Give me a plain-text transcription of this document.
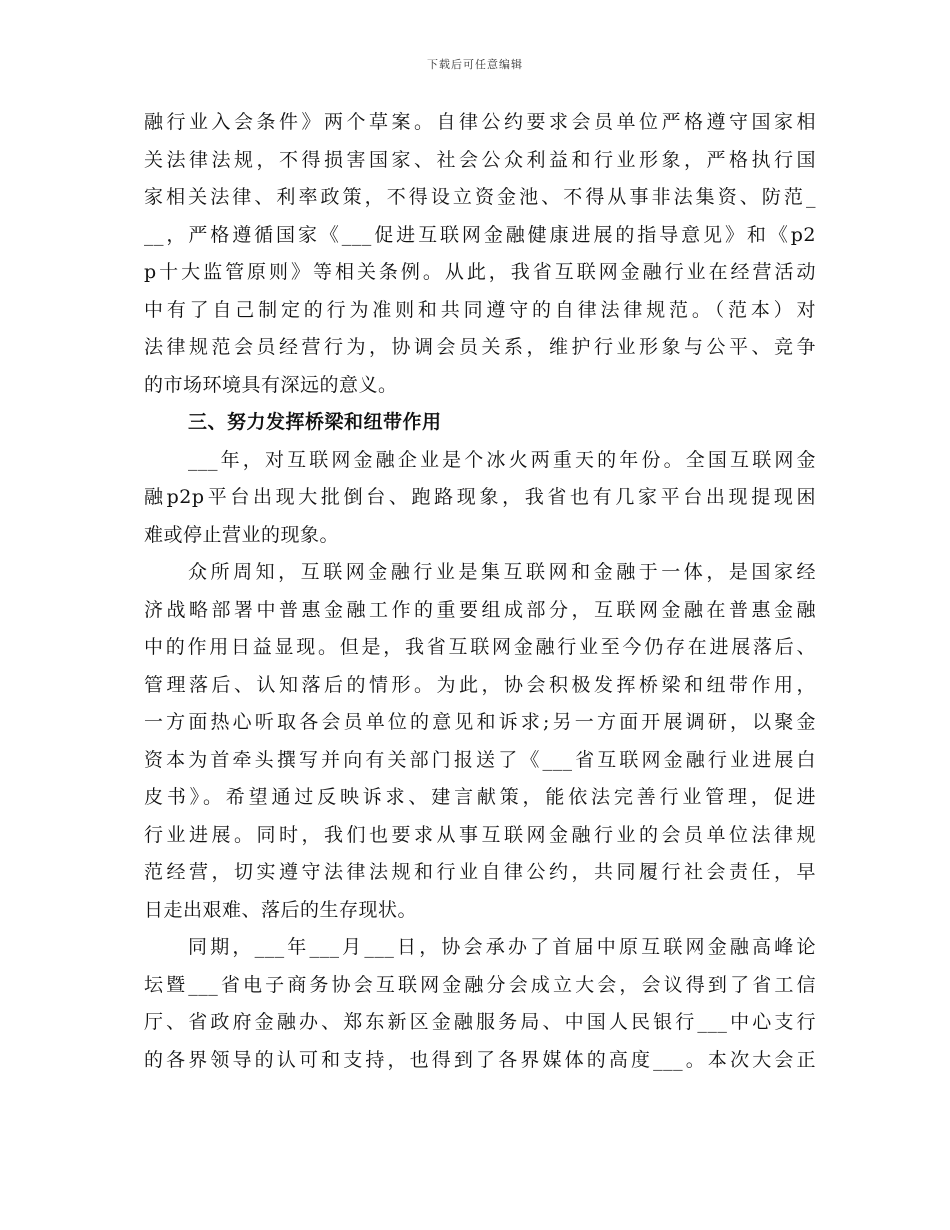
下载后可任意编辑
融行业入会条件》两个草案。自律公约要求会员单位严格遵守国家相
关法律法规，不得损害国家、社会公众利益和行业形象，严格执行国
家相关法律、利率政策，不得设立资金池、不得从事非法集资、防范_
__，严格遵循国家《___促进互联网金融健康进展的指导意见》和《p2
p十大监管原则》等相关条例。从此，我省互联网金融行业在经营活动
中有了自己制定的行为准则和共同遵守的自律法律规范。（范本）对
法律规范会员经营行为，协调会员关系，维护行业形象与公平、竞争
的市场环境具有深远的意义。
三、努力发挥桥梁和纽带作用
___年，对互联网金融企业是个冰火两重天的年份。全国互联网金
融p2p平台出现大批倒台、跑路现象，我省也有几家平台出现提现困
难或停止营业的现象。
众所周知，互联网金融行业是集互联网和金融于一体，是国家经
济战略部署中普惠金融工作的重要组成部分，互联网金融在普惠金融
中的作用日益显现。但是，我省互联网金融行业至今仍存在进展落后、
管理落后、认知落后的情形。为此，协会积极发挥桥梁和纽带作用，
一方面热心听取各会员单位的意见和诉求;另一方面开展调研，以聚金
资本为首牵头撰写并向有关部门报送了《___省互联网金融行业进展白
皮书》。希望通过反映诉求、建言献策，能依法完善行业管理，促进
行业进展。同时，我们也要求从事互联网金融行业的会员单位法律规
范经营，切实遵守法律法规和行业自律公约，共同履行社会责任，早
日走出艰难、落后的生存现状。
同期，___年___月___日，协会承办了首届中原互联网金融高峰论
坛暨___省电子商务协会互联网金融分会成立大会，会议得到了省工信
厅、省政府金融办、郑东新区金融服务局、中国人民银行___中心支行
的各界领导的认可和支持，也得到了各界媒体的高度___。本次大会正
